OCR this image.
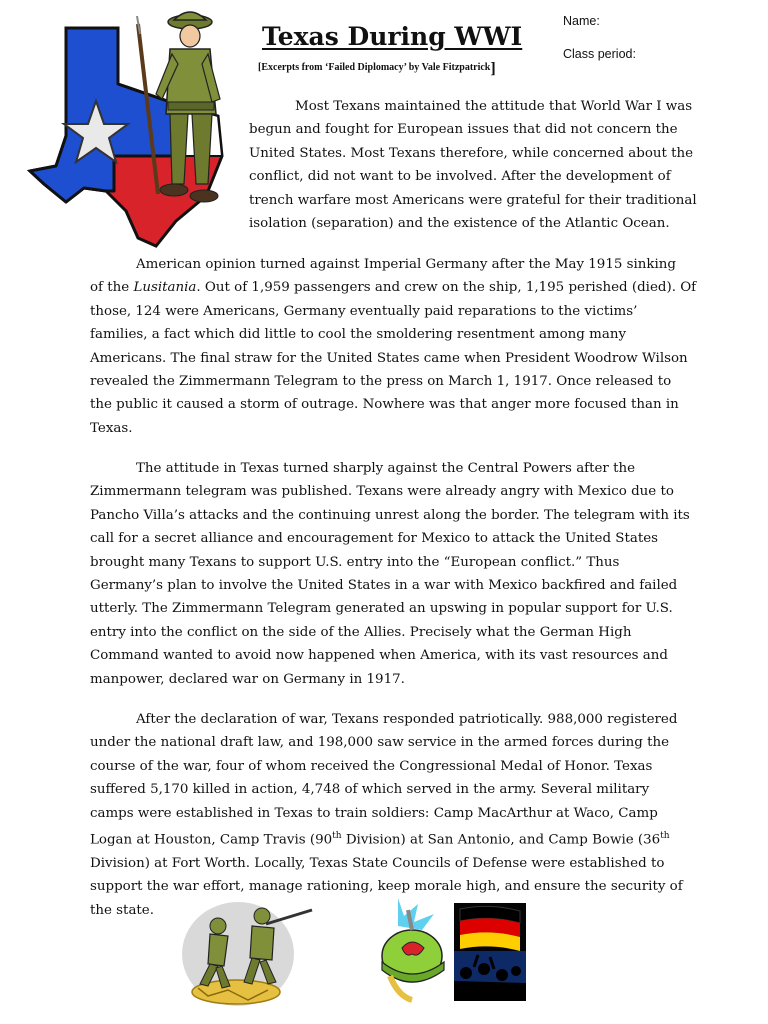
Texas During WWI
[Excerpts from ‘Failed Diplomacy’ by Vale Fitzpatrick]
Name:
Class period:
Most Texans maintained the attitude that World War I was
begun and fought for European issues that did not concern the
United States. Most Texans therefore, while concerned about the
conflict, did not want to be involved. After the development of
trench warfare most Americans were grateful for their traditional
isolation (separation) and the existence of the Atlantic Ocean.
American opinion turned against Imperial Germany after the May 1915 sinking
of the Lusitania. Out of 1,959 passengers and crew on the ship, 1,195 perished (died). Of
those, 124 were Americans, Germany eventually paid reparations to the victims’
families, a fact which did little to cool the smoldering resentment among many
Americans. The final straw for the United States came when President Woodrow Wilson
revealed the Zimmermann Telegram to the press on March 1, 1917. Once released to
the public it caused a storm of outrage. Nowhere was that anger more focused than in
Texas.
The attitude in Texas turned sharply against the Central Powers after the
Zimmermann telegram was published. Texans were already angry with Mexico due to
Pancho Villa’s attacks and the continuing unrest along the border. The telegram with its
call for a secret alliance and encouragement for Mexico to attack the United States
brought many Texans to support U.S. entry into the “European conflict.” Thus
Germany’s plan to involve the United States in a war with Mexico backfired and failed
utterly. The Zimmermann Telegram generated an upswing in popular support for U.S.
entry into the conflict on the side of the Allies. Precisely what the German High
Command wanted to avoid now happened when America, with its vast resources and
manpower, declared war on Germany in 1917.
After the declaration of war, Texans responded patriotically. 988,000 registered
under the national draft law, and 198,000 saw service in the armed forces during the
course of the war, four of whom received the Congressional Medal of Honor. Texas
suffered 5,170 killed in action, 4,748 of which served in the army. Several military
camps were established in Texas to train soldiers: Camp MacArthur at Waco, Camp
Logan at Houston, Camp Travis (90th Division) at San Antonio, and Camp Bowie (36th
Division) at Fort Worth. Locally, Texas State Councils of Defense were established to
support the war effort, manage rationing, keep morale high, and ensure the security of
the state.
